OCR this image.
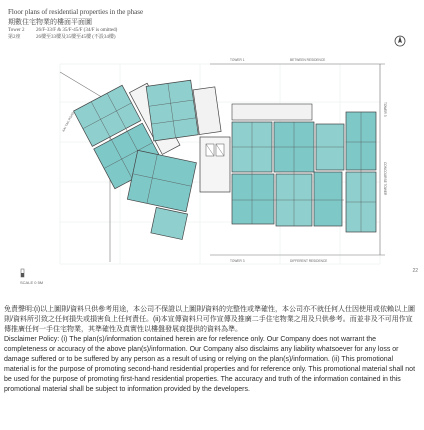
Floor plans of residential properties in the phase
期數住宅物業的樓面平面圖
Tower 2	26/F-33/F & 35/F-45/F (34/F is omitted)
第2座	26樓至33樓及35樓至45樓 (不設34樓)
KAI TAK ROAD
TOWER 1	BETWEEN RESIDENCE
CONCOURSE TOWER
TOWER 3
TOWER 3	DIFFERENT RESIDENCE
SCALE 0 5M
22

免責聲明:(i)以上圖則/資料只供參考用途，本公司不保證以上圖則/資料的完整性或準確性，本公司亦不就任何人仕因使用或依賴以上圖則/資料所引致之任何損失或損害負上任何責任。(ii)本宣傳資料只可作宣傳及推廣二手住宅物業之用及只供參考。而並非及不可用作宣傳推廣任何一手住宅物業，其準確性及真實性以樓盤發展商提供的資料為準。

Disclaimer Policy: (i) The plan(s)/information contained herein are for reference only. Our Company does not warrant the completeness or accuracy of the above plan(s)/information. Our Company also disclaims any liability whatsoever for any loss or damage suffered or to be suffered by any person as a result of using or relying on the plan(s)/information. (ii) This promotional material is for the purpose of promoting second-hand residential properties and for reference only. This promotional material shall not be used for the purpose of promoting first-hand residential properties. The accuracy and truth of the information contained in this promotional material shall be subject to information provided by the developers.
